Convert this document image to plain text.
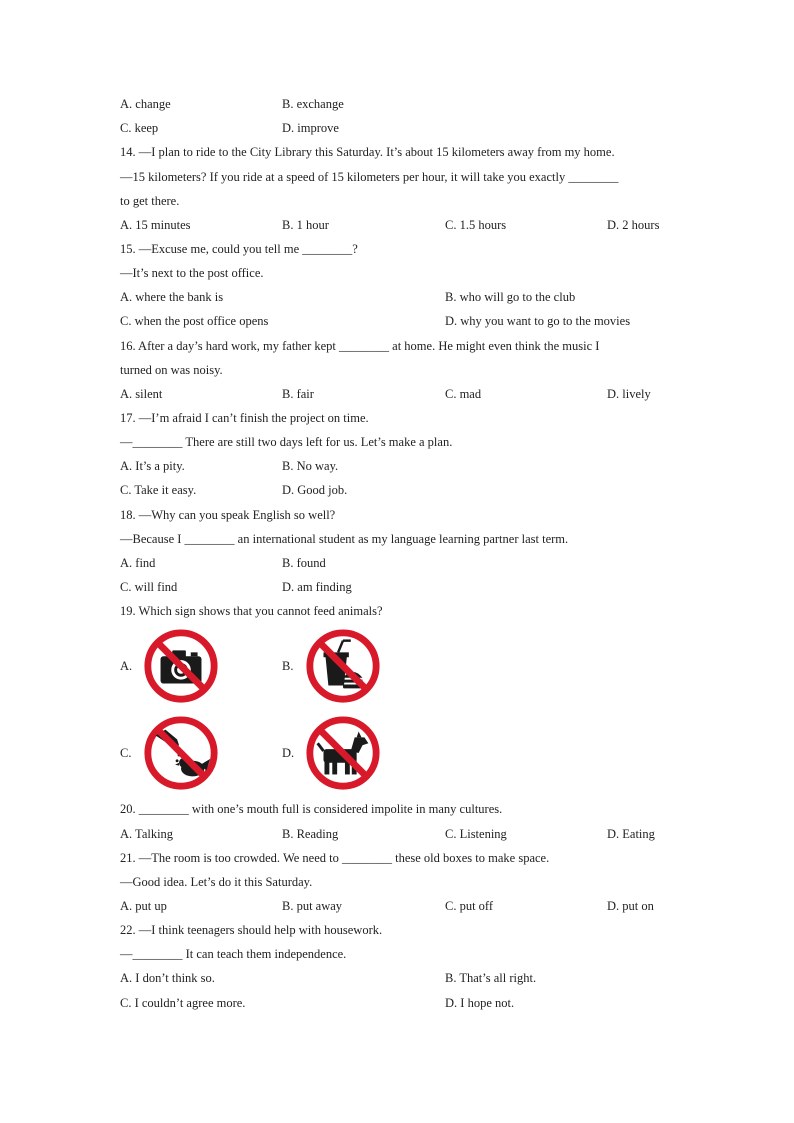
A. change	B. exchange
C. keep	D. improve
14. —I plan to ride to the City Library this Saturday. It’s about 15 kilometers away from my home.
—15 kilometers? If you ride at a speed of 15 kilometers per hour, it will take you exactly ________
to get there.
A. 15 minutes	B. 1 hour	C. 1.5 hours	D. 2 hours
15. —Excuse me, could you tell me ________?
—It’s next to the post office.
A. where the bank is	B. who will go to the club
C. when the post office opens	D. why you want to go to the movies
16. After a day’s hard work, my father kept ________ at home. He might even think the music I
turned on was noisy.
A. silent	B. fair	C. mad	D. lively
17. —I’m afraid I can’t finish the project on time.
—________ There are still two days left for us. Let’s make a plan.
A. It’s a pity.	B. No way.
C. Take it easy.	D. Good job.
18. —Why can you speak English so well?
—Because I ________ an international student as my language learning partner last term.
A. find	B. found
C. will find	D. am finding
19. Which sign shows that you cannot feed animals?
A.	B.
C.	D.
20. ________ with one’s mouth full is considered impolite in many cultures.
A. Talking	B. Reading	C. Listening	D. Eating
21. —The room is too crowded. We need to ________ these old boxes to make space.
—Good idea. Let’s do it this Saturday.
A. put up	B. put away	C. put off	D. put on
22. —I think teenagers should help with housework.
—________ It can teach them independence.
A. I don’t think so.	B. That’s all right.
C. I couldn’t agree more.	D. I hope not.
